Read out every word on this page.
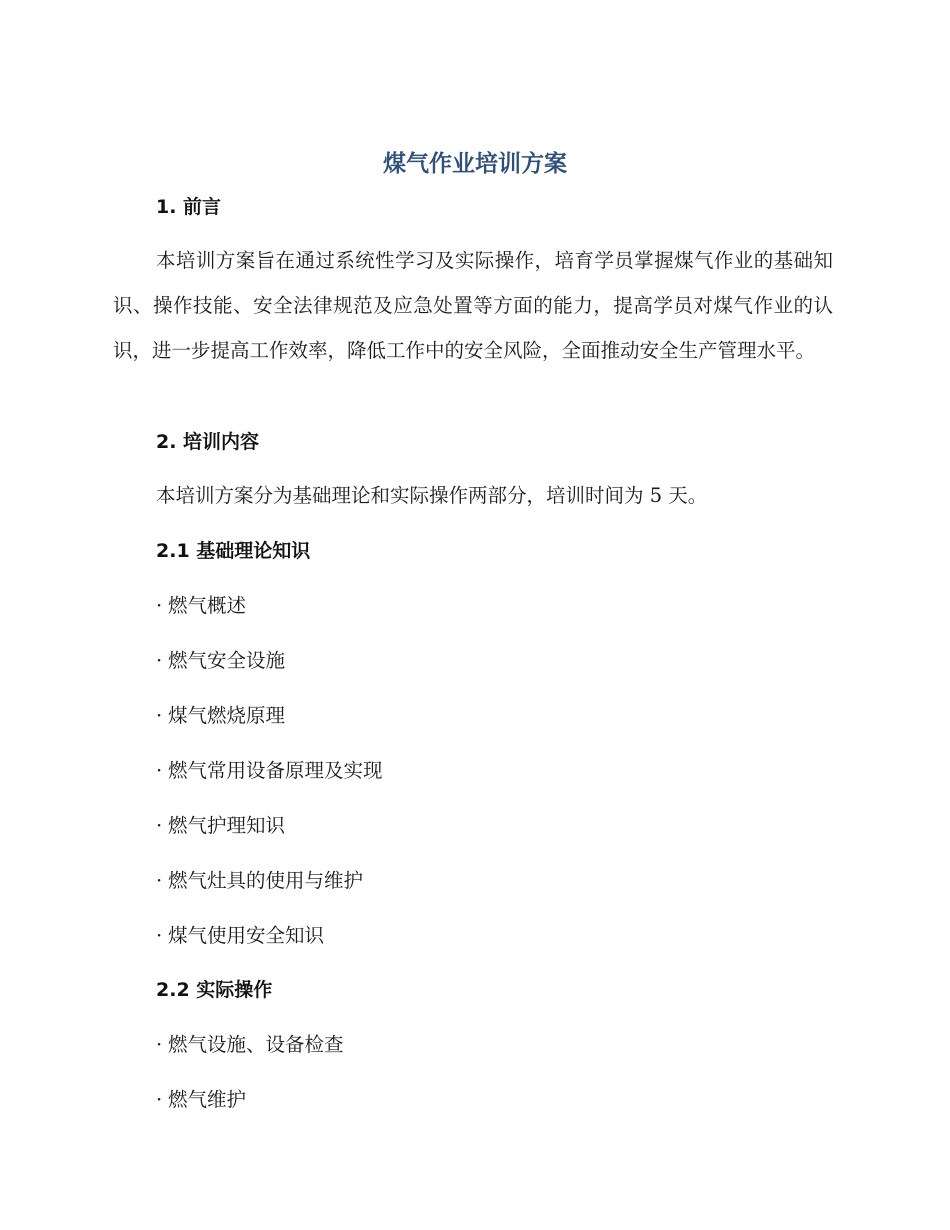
煤气作业培训方案
1. 前言

本培训方案旨在通过系统性学习及实际操作，培育学员掌握煤气作业的基础知识、操作技能、安全法律规范及应急处置等方面的能力，提高学员对煤气作业的认识，进一步提高工作效率，降低工作中的安全风险，全面推动安全生产管理水平。

2. 培训内容

本培训方案分为基础理论和实际操作两部分，培训时间为 5 天。

2.1 基础理论知识
· 燃气概述
· 燃气安全设施
· 煤气燃烧原理
· 燃气常用设备原理及实现
· 燃气护理知识
· 燃气灶具的使用与维护
· 煤气使用安全知识
2.2 实际操作
· 燃气设施、设备检查
· 燃气维护
